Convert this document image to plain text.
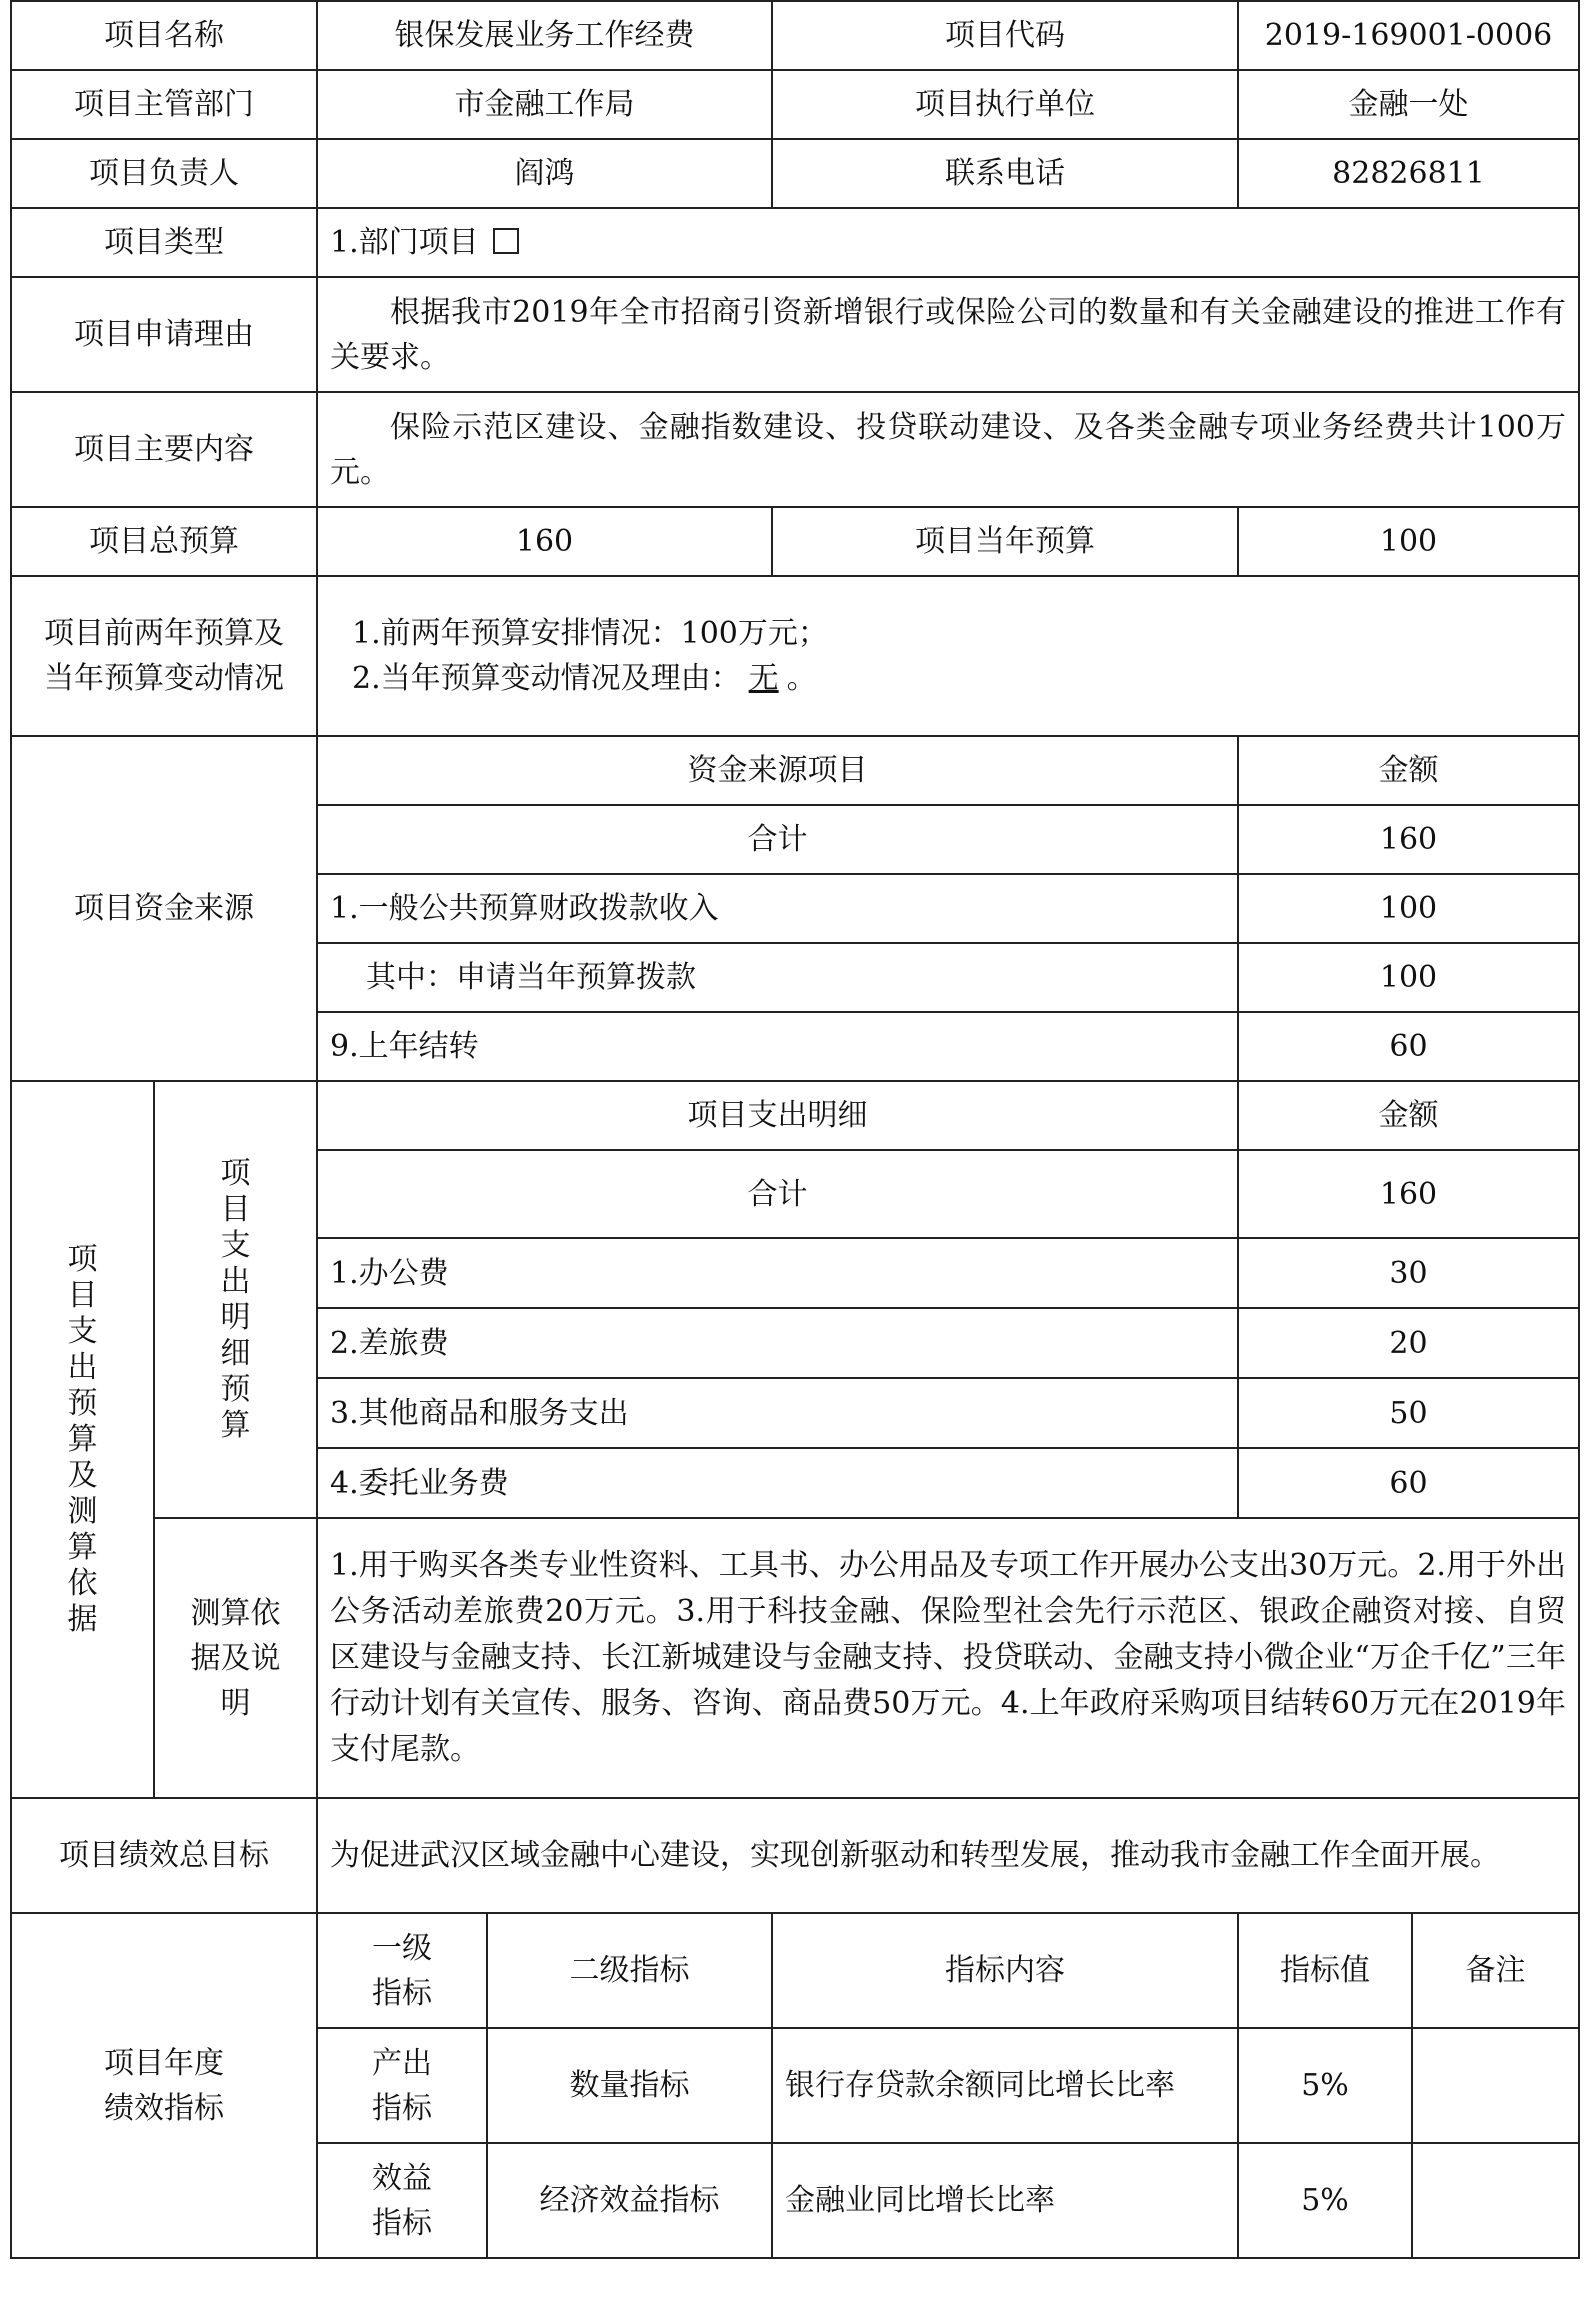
项目名称		银保发展业务工作经费		项目代码	2019-169001-0006	
项目主管部门		市金融工作局		项目执行单位	金融一处	
项目负责人		阎鸿		联系电话	82826811	
项目类型		1.部门项目				
项目申请理由		根据我市2019年全市招商引资新增银行或保险公司的数量和有关金融建设的推进工作有关要求。				
项目主要内容		保险示范区建设、金融指数建设、投贷联动建设、及各类金融专项业务经费共计100万元。				
项目总预算		160		项目当年预算	100	
项目前两年预算及当年预算变动情况		1.前两年预算安排情况：100万元；
2.当年预算变动情况及理由： 无 。				

项目资金来源		资金来源项目			金额	
		合计			160	
		1.一般公共预算财政拨款收入			100	
		其中：申请当年预算拨款			100	
		9.上年结转			60	
项目支出预算及测算依据	项目支出明细预算	项目支出明细			金额	
		合计			160	
		1.办公费			30	
		2.差旅费			20	
		3.其他商品和服务支出			50	
		4.委托业务费			60	
	测算依据及说明	1.用于购买各类专业性资料、工具书、办公用品及专项工作开展办公支出30万元。2.用于外出公务活动差旅费20万元。3.用于科技金融、保险型社会先行示范区、银政企融资对接、自贸区建设与金融支持、长江新城建设与金融支持、投贷联动、金融支持小微企业“万企千亿”三年行动计划有关宣传、服务、咨询、商品费50万元。4.上年政府采购项目结转60万元在2019年支付尾款。				
项目绩效总目标		为促进武汉区域金融中心建设，实现创新驱动和转型发展，推动我市金融工作全面开展。				
项目年度绩效指标		一级指标	二级指标	指标内容	指标值	备注
		产出指标	数量指标	银行存贷款余额同比增长比率	5%	
		效益指标	经济效益指标	金融业同比增长比率	5%	
